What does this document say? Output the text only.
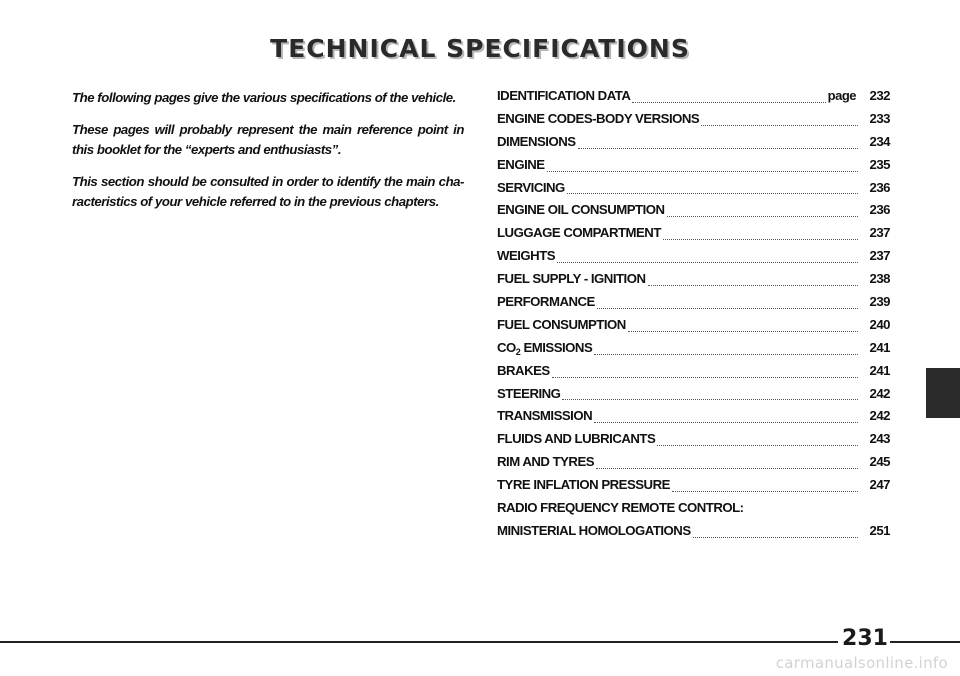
TECHNICAL SPECIFICATIONS

The following pages give the various specifications of the vehicle.

These pages will probably represent the main reference point in this booklet for the “experts and enthusiasts”.

This section should be consulted in order to identify the main cha-racteristics of your vehicle referred to in the previous chapters.

IDENTIFICATION DATA	page	232
ENGINE CODES-BODY VERSIONS	233
DIMENSIONS	234
ENGINE	235
SERVICING	236
ENGINE OIL CONSUMPTION	236
LUGGAGE COMPARTMENT	237
WEIGHTS	237
FUEL SUPPLY - IGNITION	238
PERFORMANCE	239
FUEL CONSUMPTION	240
$CO_2$ EMISSIONS	241
BRAKES	241
STEERING	242
TRANSMISSION	242
FLUIDS AND LUBRICANTS	243
RIM AND TYRES	245
TYRE INFLATION PRESSURE	247
RADIO FREQUENCY REMOTE CONTROL:
MINISTERIAL HOMOLOGATIONS	251
231
carmanualsonline.info
